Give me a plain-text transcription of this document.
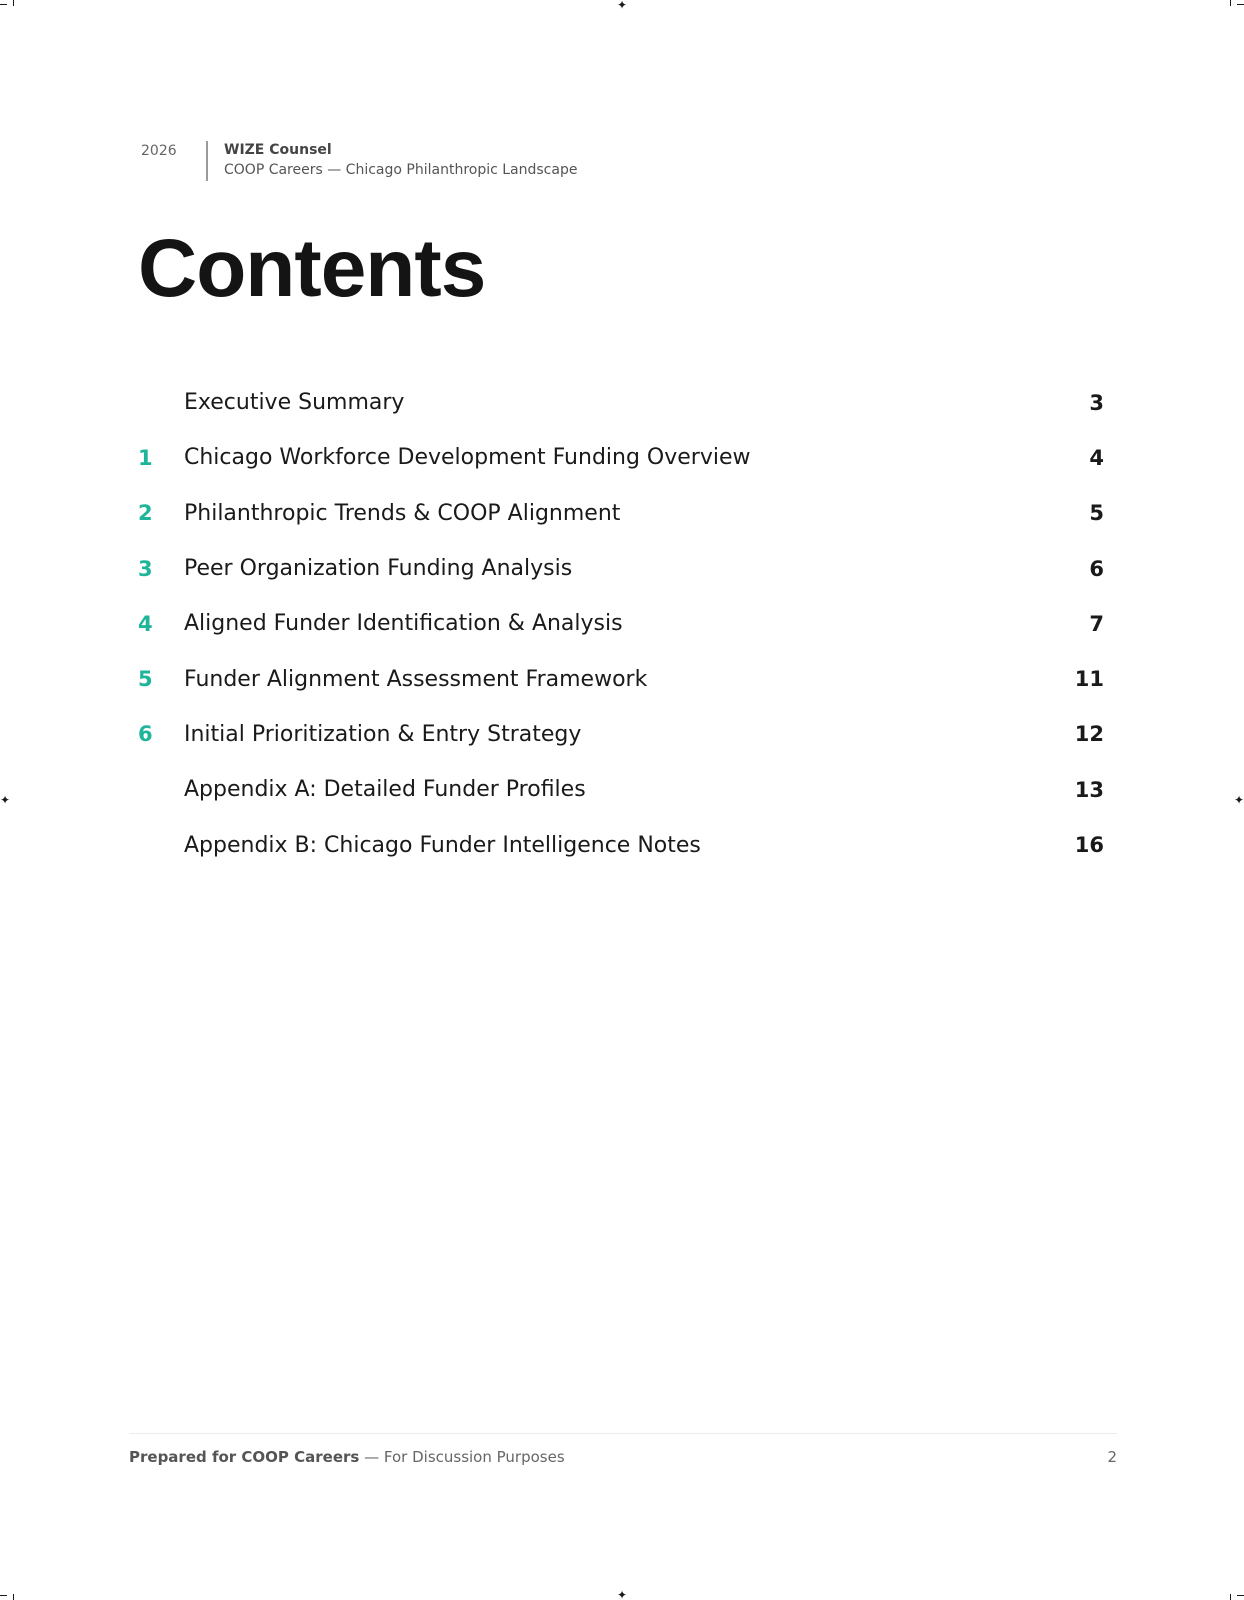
✦
✦
✦	✦
2026	WIZE Counsel
COOP Careers — Chicago Philanthropic Landscape
Contents
Executive Summary	3
1	Chicago Workforce Development Funding Overview	4
2	Philanthropic Trends & COOP Alignment	5
3	Peer Organization Funding Analysis	6
4	Aligned Funder Identification & Analysis	7
5	Funder Alignment Assessment Framework	11
6	Initial Prioritization & Entry Strategy	12
Appendix A: Detailed Funder Profiles	13
Appendix B: Chicago Funder Intelligence Notes	16
Prepared for COOP Careers — For Discussion Purposes	2
